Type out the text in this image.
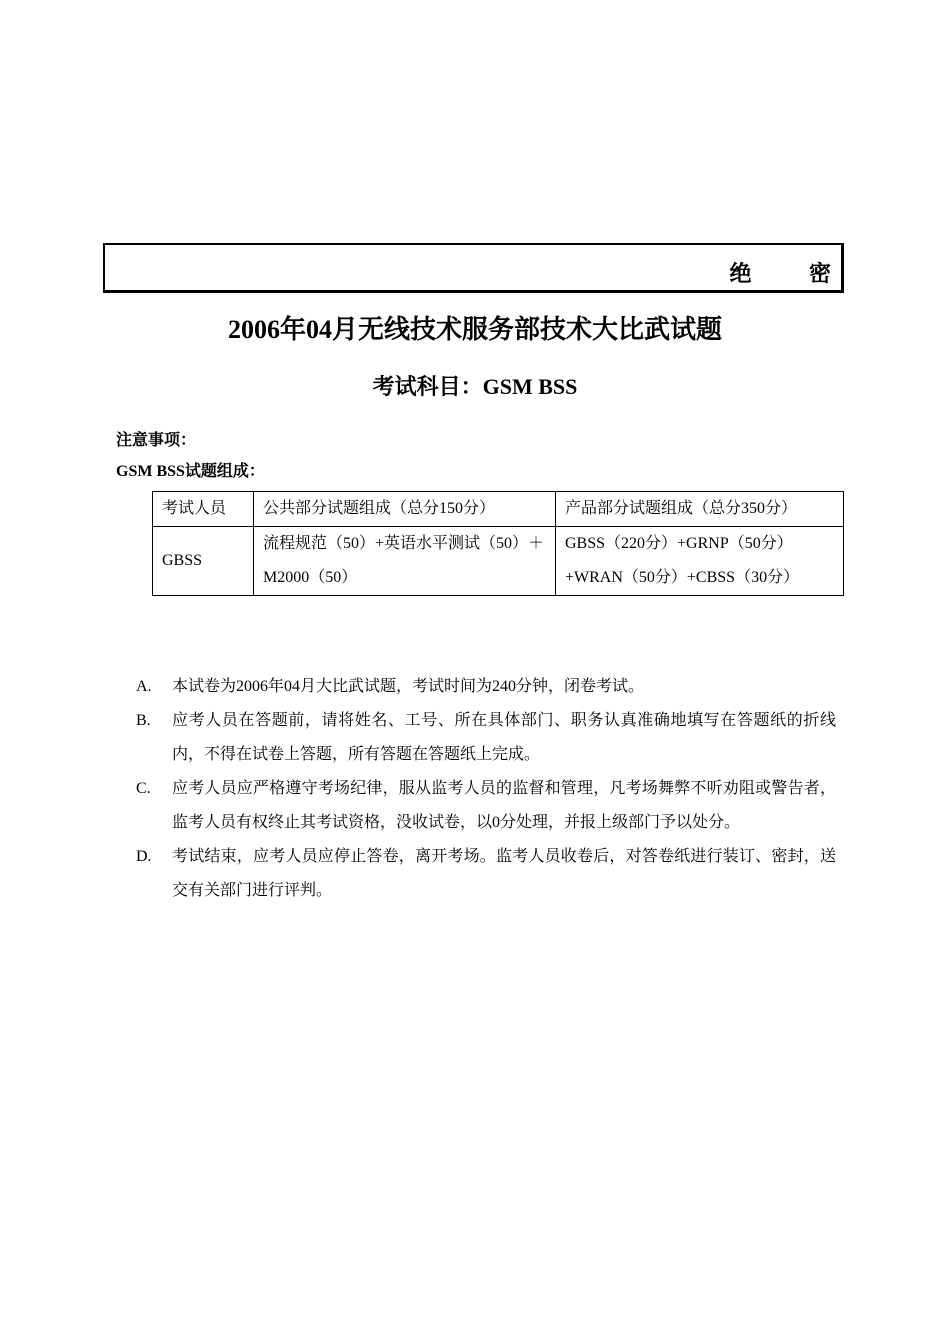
绝 密
2006年04月无线技术服务部技术大比武试题
考试科目：GSM BSS
注意事项：
GSM BSS试题组成：
考试人员	公共部分试题组成（总分150分）	产品部分试题组成（总分350分）
GBSS	流程规范（50）+英语水平测试（50）＋M2000（50）	GBSS（220分）+GRNP（50分）+WRAN（50分）+CBSS（30分）
A.	本试卷为2006年04月大比武试题，考试时间为240分钟，闭卷考试。
B.	应考人员在答题前，请将姓名、工号、所在具体部门、职务认真准确地填写在答题纸的折线内，不得在试卷上答题，所有答题在答题纸上完成。
C.	应考人员应严格遵守考场纪律，服从监考人员的监督和管理，凡考场舞弊不听劝阻或警告者，监考人员有权终止其考试资格，没收试卷，以0分处理，并报上级部门予以处分。
D.	考试结束，应考人员应停止答卷，离开考场。监考人员收卷后，对答卷纸进行装订、密封，送交有关部门进行评判。
